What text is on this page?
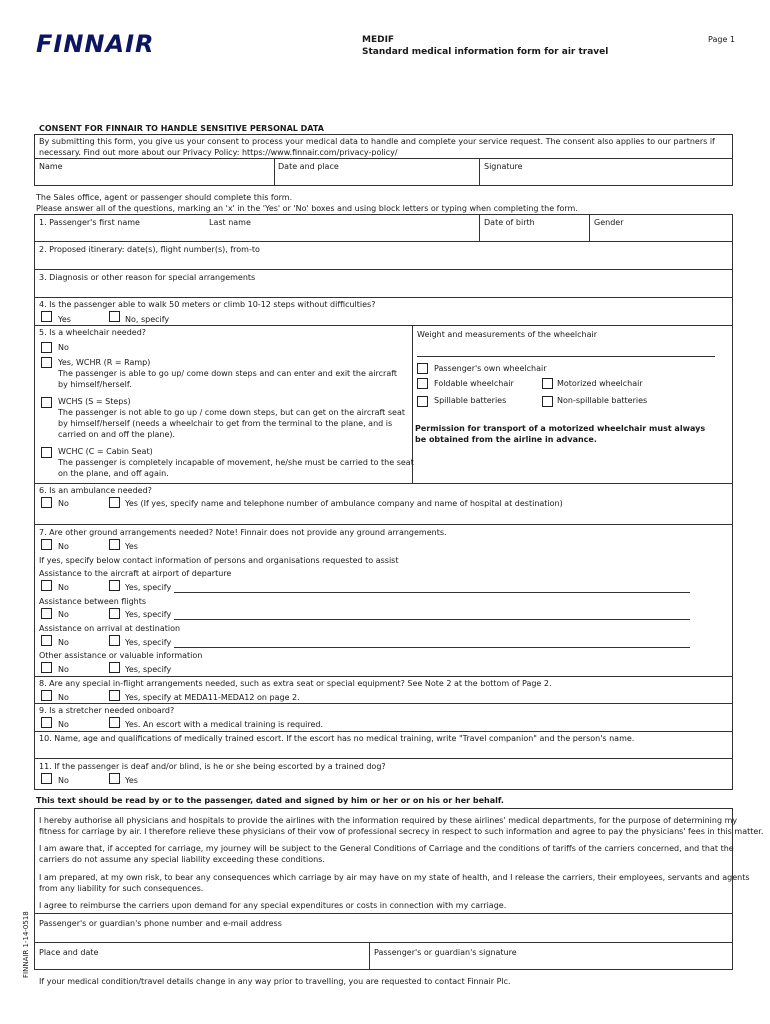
FINNAIR	MEDIF
Standard medical information form for air travel
Page 1
CONSENT FOR FINNAIR TO HANDLE SENSITIVE PERSONAL DATA
By submitting this form, you give us your consent to process your medical data to handle and complete your service request. The consent also applies to our partners if
necessary. Find out more about our Privacy Policy: https://www.finnair.com/privacy-policy/
Name	Date and place	Signature
The Sales office, agent or passenger should complete this form.
Please answer all of the questions, marking an 'x' in the 'Yes' or 'No' boxes and using block letters or typing when completing the form.
1. Passenger's first name	Last name	Date of birth	Gender
2. Proposed itinerary: date(s), flight number(s), from-to
3. Diagnosis or other reason for special arrangements
4. Is the passenger able to walk 50 meters or climb 10-12 steps without difficulties?
Yes	No, specify
5. Is a wheelchair needed?
No
Yes, WCHR (R = Ramp)
The passenger is able to go up/ come down steps and can enter and exit the aircraft
by himself/herself.
WCHS (S = Steps)
The passenger is not able to go up / come down steps, but can get on the aircraft seat
by himself/herself (needs a wheelchair to get from the terminal to the plane, and is
carried on and off the plane).
WCHC (C = Cabin Seat)
The passenger is completely incapable of movement, he/she must be carried to the seat
on the plane, and off again.
Weight and measurements of the wheelchair
Passenger's own wheelchair
Foldable wheelchair	Motorized wheelchair
Spillable batteries	Non-spillable batteries
Permission for transport of a motorized wheelchair must always
be obtained from the airline in advance.
6. Is an ambulance needed?
No	Yes (If yes, specify name and telephone number of ambulance company and name of hospital at destination)
7. Are other ground arrangements needed? Note! Finnair does not provide any ground arrangements.
No	Yes
If yes, specify below contact information of persons and organisations requested to assist
Assistance to the aircraft at airport of departure
No	Yes, specify
Assistance between flights
No	Yes, specify
Assistance on arrival at destination
No	Yes, specify
Other assistance or valuable information
No	Yes, specify
8. Are any special in-flight arrangements needed, such as extra seat or special equipment? See Note 2 at the bottom of Page 2.
No	Yes, specify at MEDA11-MEDA12 on page 2.
9. Is a stretcher needed onboard?
No	Yes. An escort with a medical training is required.
10. Name, age and qualifications of medically trained escort. If the escort has no medical training, write "Travel companion" and the person's name.
11. If the passenger is deaf and/or blind, is he or she being escorted by a trained dog?
No	Yes
This text should be read by or to the passenger, dated and signed by him or her or on his or her behalf.
I hereby authorise all physicians and hospitals to provide the airlines with the information required by these airlines' medical departments, for the purpose of determining my
fitness for carriage by air. I therefore relieve these physicians of their vow of professional secrecy in respect to such information and agree to pay the physicians' fees in this matter.
I am aware that, if accepted for carriage, my journey will be subject to the General Conditions of Carriage and the conditions of tariffs of the carriers concerned, and that the
carriers do not assume any special liability exceeding these conditions.
I am prepared, at my own risk, to bear any consequences which carriage by air may have on my state of health, and I release the carriers, their employees, servants and agents
from any liability for such consequences.
I agree to reimburse the carriers upon demand for any special expenditures or costs in connection with my carriage.
Passenger's or guardian's phone number and e-mail address
Place and date	Passenger's or guardian's signature
If your medical condition/travel details change in any way prior to travelling, you are requested to contact Finnair Plc.
FINNAIR 1-14-0518
